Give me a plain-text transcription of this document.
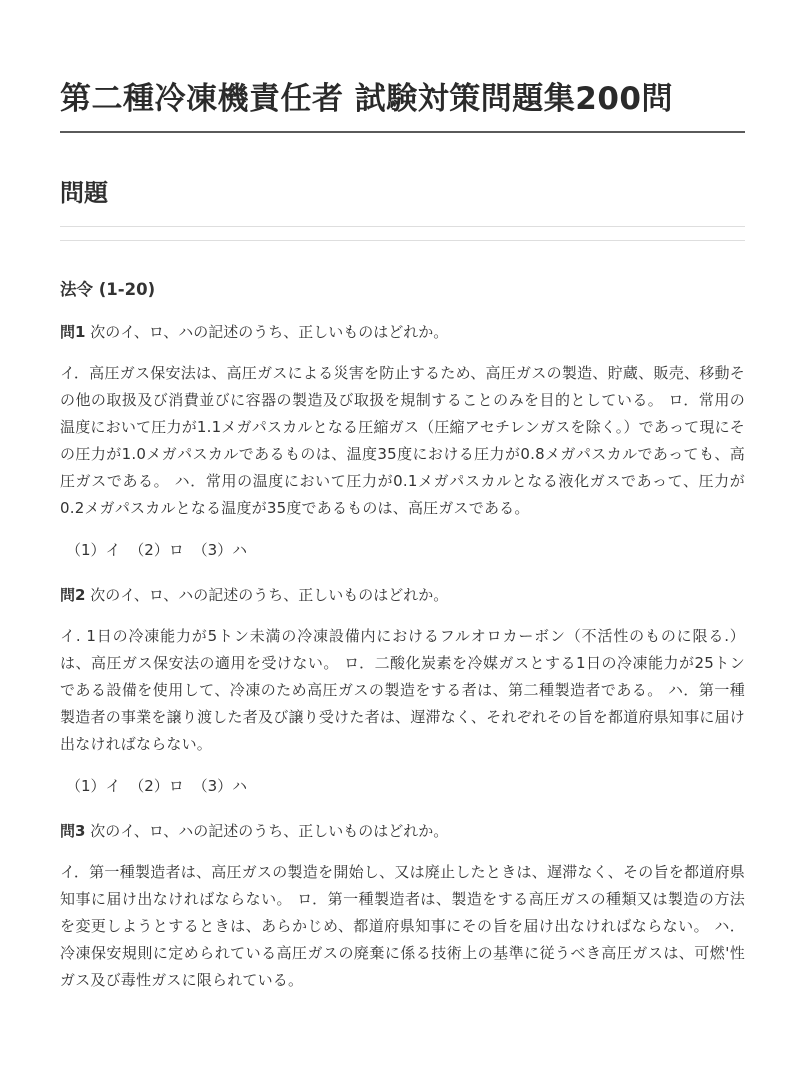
第二種冷凍機責任者 試験対策問題集200問
問題
法令 (1-20)

問1 次のイ、ロ、ハの記述のうち、正しいものはどれか。

イ．高圧ガス保安法は、高圧ガスによる災害を防止するため、高圧ガスの製造、貯蔵、販売、移動その他の取扱及び消費並びに容器の製造及び取扱を規制することのみを目的としている。 ロ．常用の温度において圧力が1.1メガパスカルとなる圧縮ガス（圧縮アセチレンガスを除く。）であって現にその圧力が1.0メガパスカルであるものは、温度35度における圧力が0.8メガパスカルであっても、高圧ガスである。 ハ．常用の温度において圧力が0.1メガパスカルとなる液化ガスであって、圧力が0.2メガパスカルとなる温度が35度であるものは、高圧ガスである。

（1）イ （2）ロ （3）ハ

問2 次のイ、ロ、ハの記述のうち、正しいものはどれか。

イ. 1日の冷凍能力が5トン未満の冷凍設備内におけるフルオロカーボン（不活性のものに限る.）は、高圧ガス保安法の適用を受けない。 ロ．二酸化炭素を冷媒ガスとする1日の冷凍能力が25トンである設備を使用して、冷凍のため高圧ガスの製造をする者は、第二種製造者である。 ハ．第一種製造者の事業を譲り渡した者及び譲り受けた者は、遅滞なく、それぞれその旨を都道府県知事に届け出なければならない。

（1）イ （2）ロ （3）ハ

問3 次のイ、ロ、ハの記述のうち、正しいものはどれか。

イ．第一種製造者は、高圧ガスの製造を開始し、又は廃止したときは、遅滞なく、その旨を都道府県知事に届け出なければならない。 ロ．第一種製造者は、製造をする高圧ガスの種類又は製造の方法を変更しようとするときは、あらかじめ、都道府県知事にその旨を届け出なければならない。 ハ．冷凍保安規則に定められている高圧ガスの廃棄に係る技術上の基準に従うべき高圧ガスは、可燃'性ガス及び毒性ガスに限られている。
